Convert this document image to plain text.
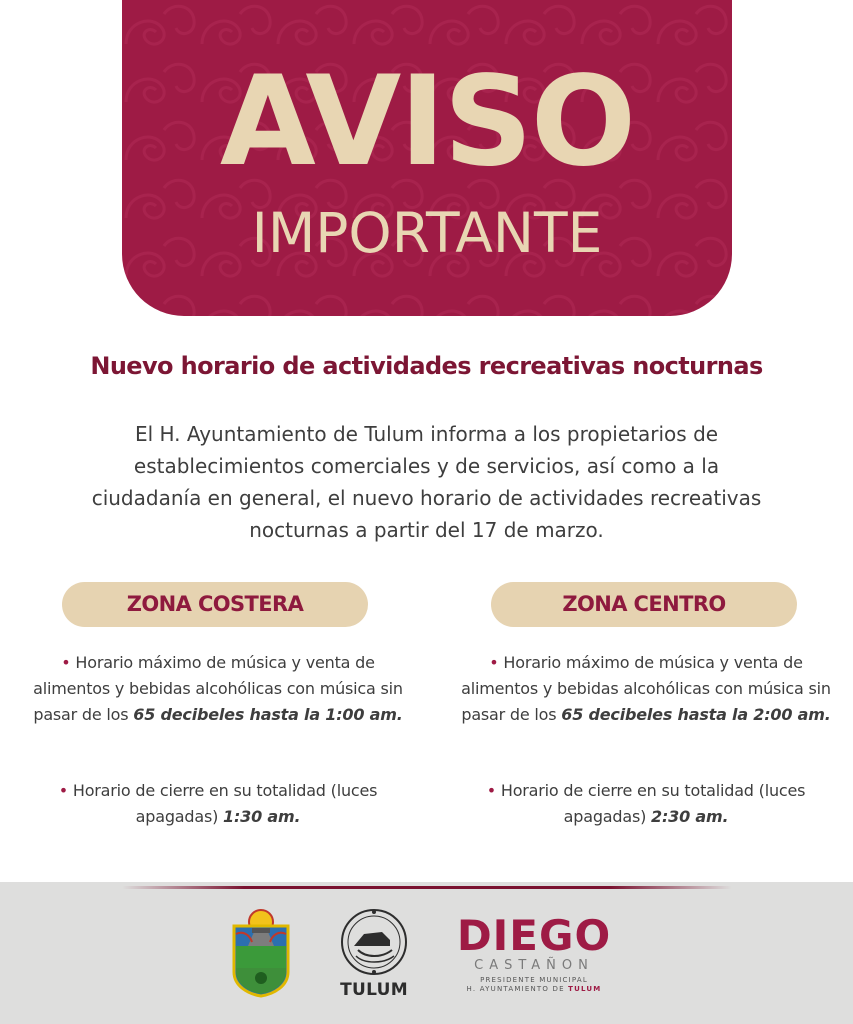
AVISO
IMPORTANTE
Nuevo horario de actividades recreativas nocturnas
El H. Ayuntamiento de Tulum informa a los propietarios de establecimientos comerciales y de servicios, así como a la ciudadanía en general, el nuevo horario de actividades recreativas nocturnas a partir del 17 de marzo.
ZONA COSTERA	ZONA CENTRO
• Horario máximo de música y venta de alimentos y bebidas alcohólicas con música sin pasar de los 65 decibeles hasta la 1:00 am.
• Horario de cierre en su totalidad (luces apagadas) 1:30 am.
• Horario máximo de música y venta de alimentos y bebidas alcohólicas con música sin pasar de los 65 decibeles hasta la 2:00 am.
• Horario de cierre en su totalidad (luces apagadas) 2:30 am.
TULUM
DIEGO
CASTAÑON
PRESIDENTE MUNICIPAL
H. AYUNTAMIENTO DE TULUM
